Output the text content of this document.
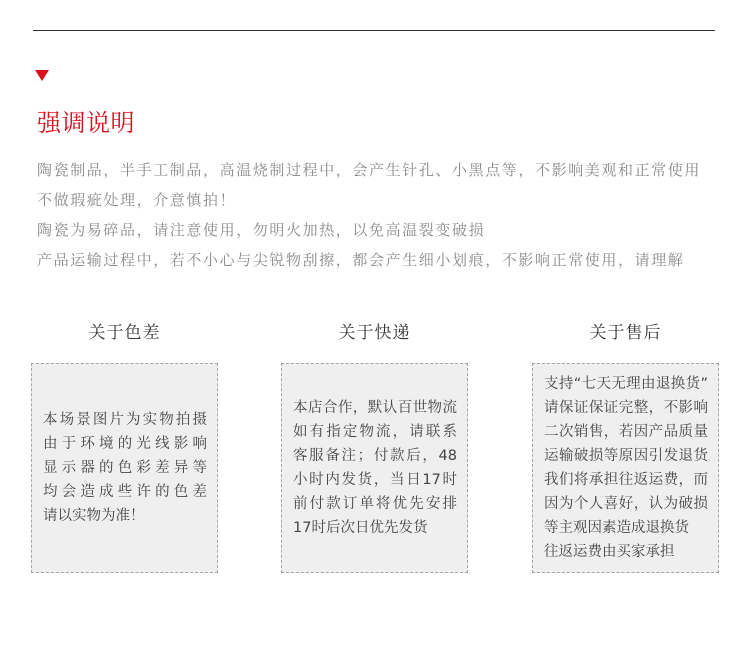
强调说明
陶瓷制品，半手工制品，高温烧制过程中，会产生针孔、小黑点等，不影响美观和正常使用
不做瑕疵处理，介意慎拍！
陶瓷为易碎品，请注意使用，勿明火加热，以免高温裂变破损
产品运输过程中，若不小心与尖锐物刮擦，都会产生细小划痕，不影响正常使用，请理解
关于色差
本场景图片为实物拍摄
由于环境的光线影响
显示器的色彩差异等
均会造成些许的色差
请以实物为准！
关于快递
本店合作，默认百世物流
如有指定物流，请联系
客服备注；付款后，48
小时内发货，当日17时
前付款订单将优先安排
17时后次日优先发货
关于售后
支持“七天无理由退换货”
请保证保证完整，不影响
二次销售，若因产品质量
运输破损等原因引发退货
我们将承担往返运费，而
因为个人喜好，认为破损
等主观因素造成退换货
往返运费由买家承担
